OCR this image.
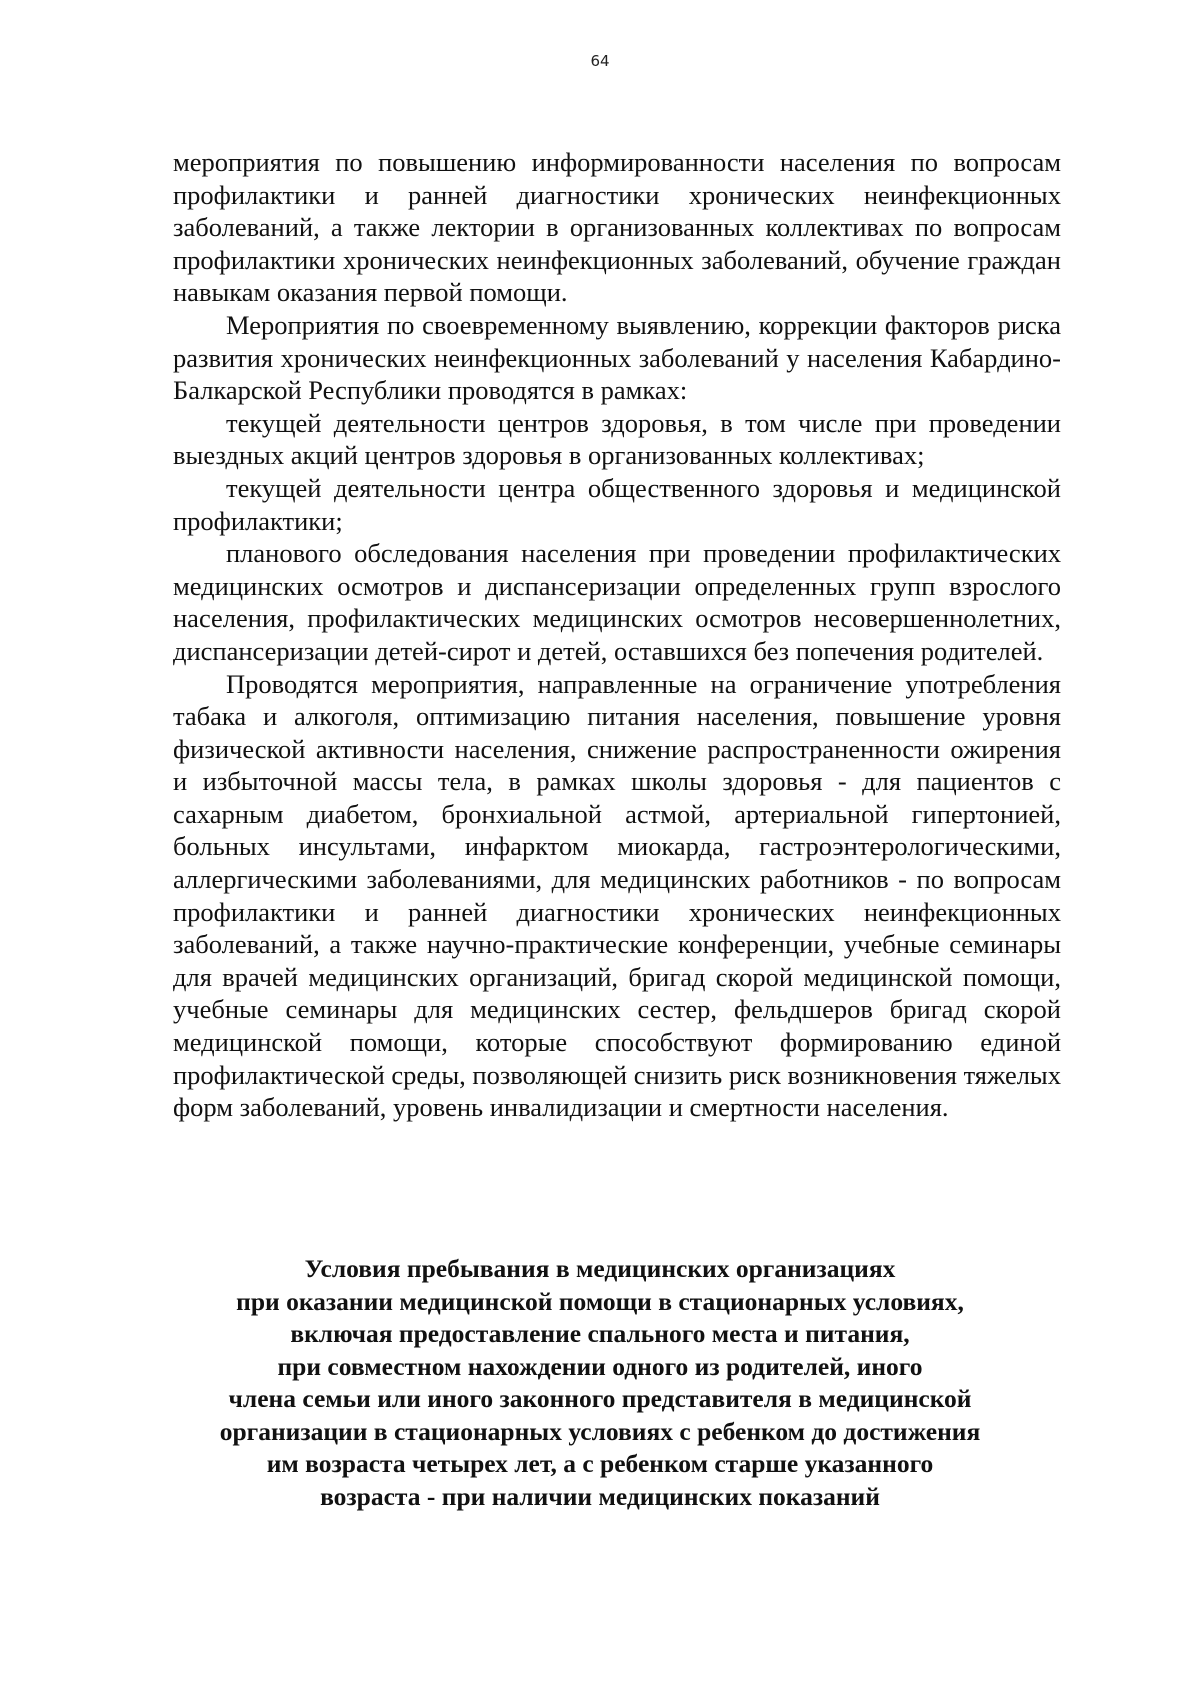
64

мероприятия по повышению информированности населения по вопросам профилактики и ранней диагностики хронических неинфекционных заболеваний, а также лектории в организованных коллективах по вопросам профилактики хронических неинфекционных заболеваний, обучение граждан навыкам оказания первой помощи.

Мероприятия по своевременному выявлению, коррекции факторов риска развития хронических неинфекционных заболеваний у населения Кабардино-Балкарской Республики проводятся в рамках:

текущей деятельности центров здоровья, в том числе при проведении выездных акций центров здоровья в организованных коллективах;

текущей деятельности центра общественного здоровья и медицинской профилактики;

планового обследования населения при проведении профилактических медицинских осмотров и диспансеризации определенных групп взрослого населения, профилактических медицинских осмотров несовершеннолетних, диспансеризации детей-сирот и детей, оставшихся без попечения родителей.

Проводятся мероприятия, направленные на ограничение употребления табака и алкоголя, оптимизацию питания населения, повышение уровня физической активности населения, снижение распространенности ожирения и избыточной массы тела, в рамках школы здоровья - для пациентов с сахарным диабетом, бронхиальной астмой, артериальной гипертонией, больных инсультами, инфарктом миокарда, гастроэнтерологическими, аллергическими заболеваниями, для медицинских работников - по вопросам профилактики и ранней диагностики хронических неинфекционных заболеваний, а также научно-практические конференции, учебные семинары для врачей медицинских организаций, бригад скорой медицинской помощи, учебные семинары для медицинских сестер, фельдшеров бригад скорой медицинской помощи, которые способствуют формированию единой профилактической среды, позволяющей снизить риск возникновения тяжелых форм заболеваний, уровень инвалидизации и смертности населения.

Условия пребывания в медицинских организациях
при оказании медицинской помощи в стационарных условиях,
включая предоставление спального места и питания,
при совместном нахождении одного из родителей, иного
члена семьи или иного законного представителя в медицинской
организации в стационарных условиях с ребенком до достижения
им возраста четырех лет, а с ребенком старше указанного
возраста - при наличии медицинских показаний
